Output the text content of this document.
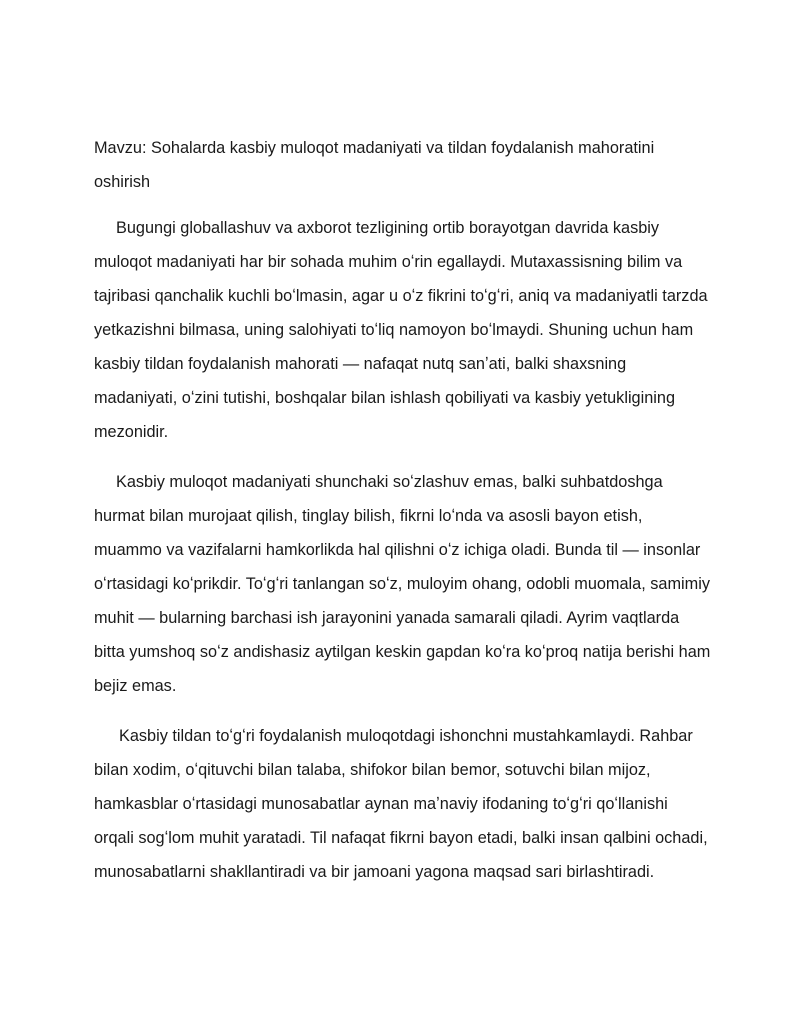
Mavzu: Sohalarda kasbiy muloqot madaniyati va tildan foydalanish mahoratini oshirish

Bugungi globallashuv va axborot tezligining ortib borayotgan davrida kasbiy muloqot madaniyati har bir sohada muhim oʻrin egallaydi. Mutaxassisning bilim va tajribasi qanchalik kuchli boʻlmasin, agar u oʻz fikrini toʻgʻri, aniq va madaniyatli tarzda yetkazishni bilmasa, uning salohiyati toʻliq namoyon boʻlmaydi. Shuning uchun ham kasbiy tildan foydalanish mahorati — nafaqat nutq sanʼati, balki shaxsning madaniyati, oʻzini tutishi, boshqalar bilan ishlash qobiliyati va kasbiy yetukligining mezonidir.

Kasbiy muloqot madaniyati shunchaki soʻzlashuv emas, balki suhbatdoshga hurmat bilan murojaat qilish, tinglay bilish, fikrni loʻnda va asosli bayon etish, muammo va vazifalarni hamkorlikda hal qilishni oʻz ichiga oladi. Bunda til — insonlar oʻrtasidagi koʻprikdir. Toʻgʻri tanlangan soʻz, muloyim ohang, odobli muomala, samimiy muhit — bularning barchasi ish jarayonini yanada samarali qiladi. Ayrim vaqtlarda bitta yumshoq soʻz andishasiz aytilgan keskin gapdan koʻra koʻproq natija berishi ham bejiz emas.

Kasbiy tildan toʻgʻri foydalanish muloqotdagi ishonchni mustahkamlaydi. Rahbar bilan xodim, oʻqituvchi bilan talaba, shifokor bilan bemor, sotuvchi bilan mijoz, hamkasblar oʻrtasidagi munosabatlar aynan maʼnaviy ifodaning toʻgʻri qoʻllanishi orqali sogʻlom muhit yaratadi. Til nafaqat fikrni bayon etadi, balki insan qalbini ochadi, munosabatlarni shakllantiradi va bir jamoani yagona maqsad sari birlashtiradi.
